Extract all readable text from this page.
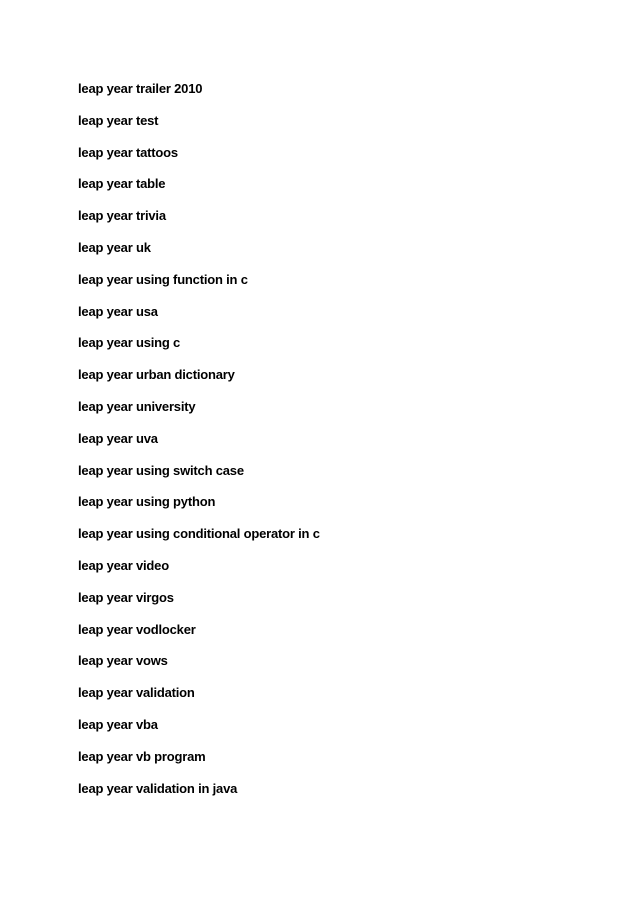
leap year trailer 2010
leap year test
leap year tattoos
leap year table
leap year trivia
leap year uk
leap year using function in c
leap year usa
leap year using c
leap year urban dictionary
leap year university
leap year uva
leap year using switch case
leap year using python
leap year using conditional operator in c
leap year video
leap year virgos
leap year vodlocker
leap year vows
leap year validation
leap year vba
leap year vb program
leap year validation in java
